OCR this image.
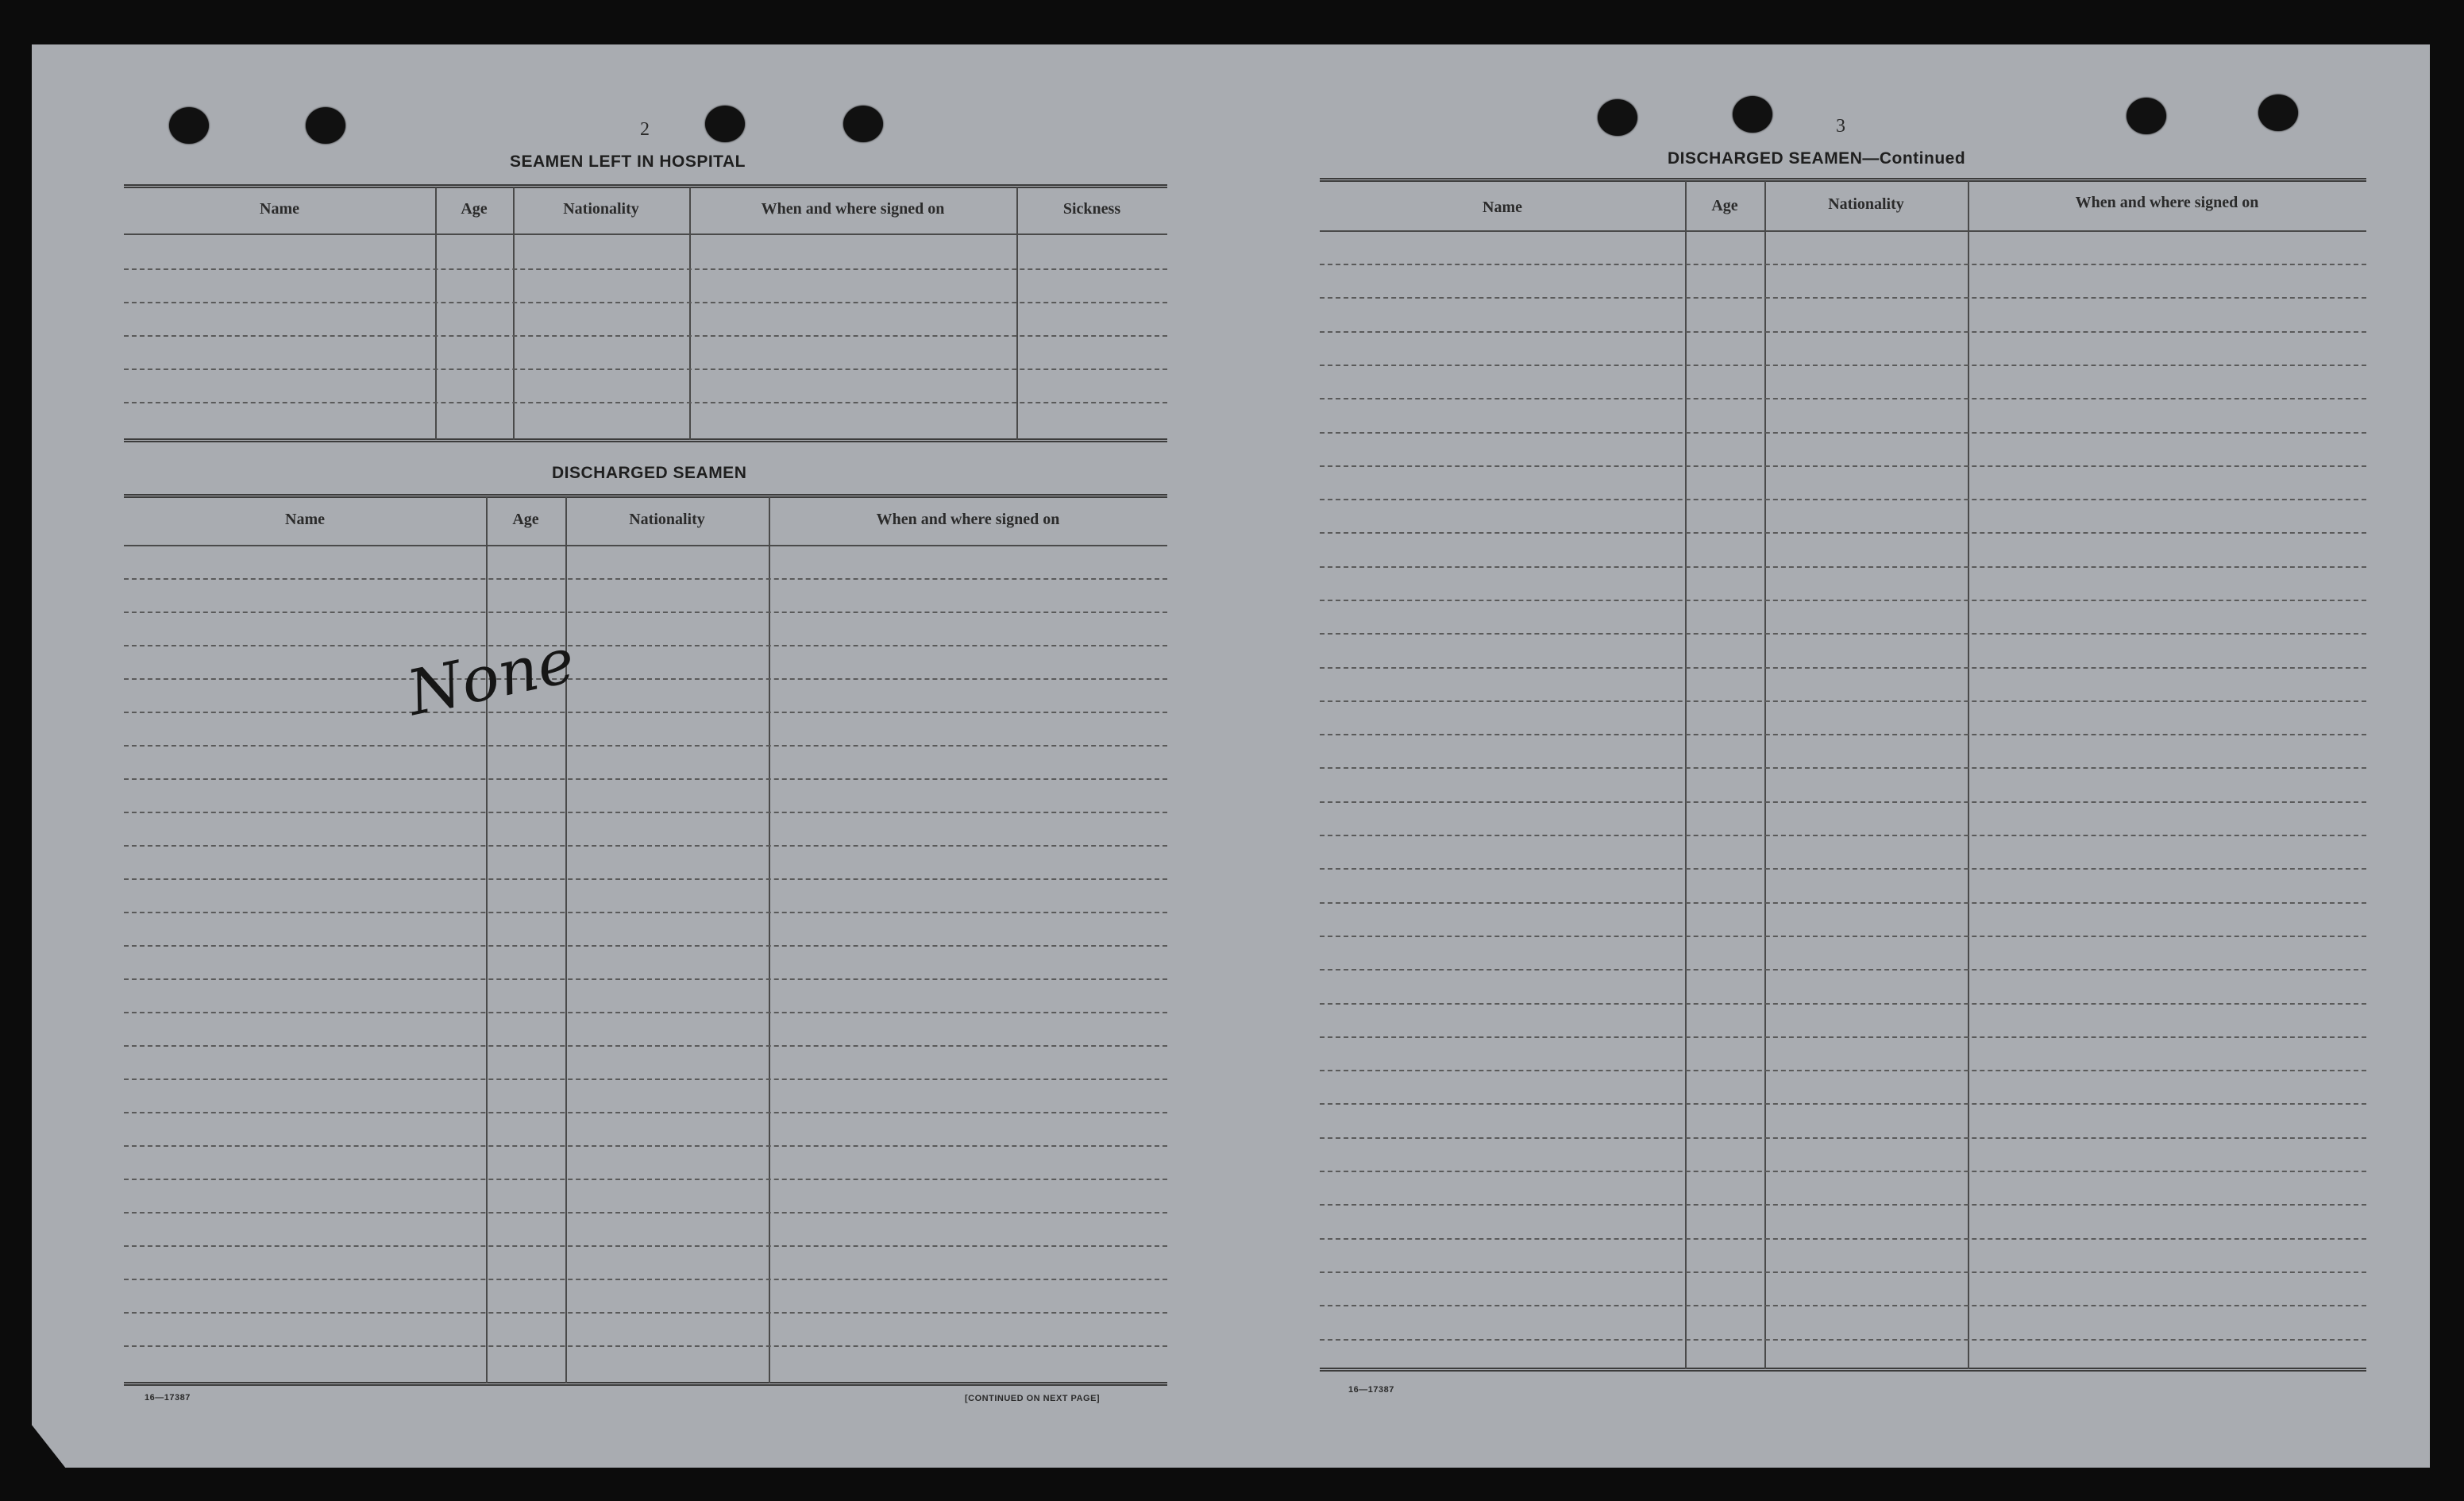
2
SEAMEN LEFT IN HOSPITAL
Name	Age	Nationality	When and where signed on	Sickness
DISCHARGED SEAMEN
Name	Age	Nationality	When and where signed on
None
16—17387	[CONTINUED ON NEXT PAGE]
3
DISCHARGED SEAMEN—Continued
Name	Age	Nationality	When and where signed on
16—17387
